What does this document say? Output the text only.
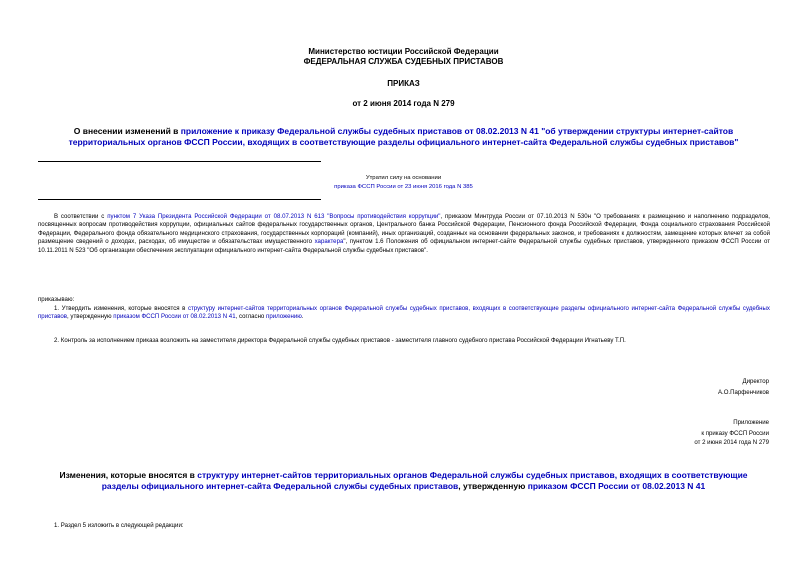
Министерство юстиции Российской Федерации
ФЕДЕРАЛЬНАЯ СЛУЖБА СУДЕБНЫХ ПРИСТАВОВ
ПРИКАЗ
от 2 июня 2014 года N 279
О внесении изменений в приложение к приказу Федеральной службы судебных приставов от 08.02.2013 N 41 "об утверждении структуры интернет-сайтов территориальных органов ФССП России, входящих в соответствующие разделы официального интернет-сайта Федеральной службы судебных приставов"
Утратил силу на основании
приказа ФССП России от 23 июня 2016 года N 385
В соответствии с пунктом 7 Указа Президента Российской Федерации от 08.07.2013 N 613 "Вопросы противодействия коррупции", приказом Минтруда России от 07.10.2013 N 530н "О требованиях к размещению и наполнению подразделов, посвященных вопросам противодействия коррупции, официальных сайтов федеральных государственных органов, Центрального банка Российской Федерации, Пенсионного фонда Российской Федерации, Фонда социального страхования Российской Федерации, Федерального фонда обязательного медицинского страхования, государственных корпораций (компаний), иных организаций, созданных на основании федеральных законов, и требованиях к должностям, замещение которых влечет за собой размещение сведений о доходах, расходах, об имуществе и обязательствах имущественного характера", пунктом 1.6 Положения об официальном интернет-сайте Федеральной службы судебных приставов, утвержденного приказом ФССП России от 10.11.2011 N 523 "Об организации обеспечения эксплуатации официального интернет-сайта Федеральной службы судебных приставов".
приказываю:
1. Утвердить изменения, которые вносятся в структуру интернет-сайтов территориальных органов Федеральной службы судебных приставов, входящих в соответствующие разделы официального интернет-сайта Федеральной службы судебных приставов, утвержденную приказом ФССП России от 08.02.2013 N 41, согласно приложению.
2. Контроль за исполнением приказа возложить на заместителя директора Федеральной службы судебных приставов - заместителя главного судебного пристава Российской Федерации Игнатьеву Т.П.
Директор
А.О.Парфенчиков
Приложение
к приказу ФССП России
от 2 июня 2014 года N 279
Изменения, которые вносятся в структуру интернет-сайтов территориальных органов Федеральной службы судебных приставов, входящих в соответствующие разделы официального интернет-сайта Федеральной службы судебных приставов, утвержденную приказом ФССП России от 08.02.2013 N 41
1. Раздел 5 изложить в следующей редакции:
